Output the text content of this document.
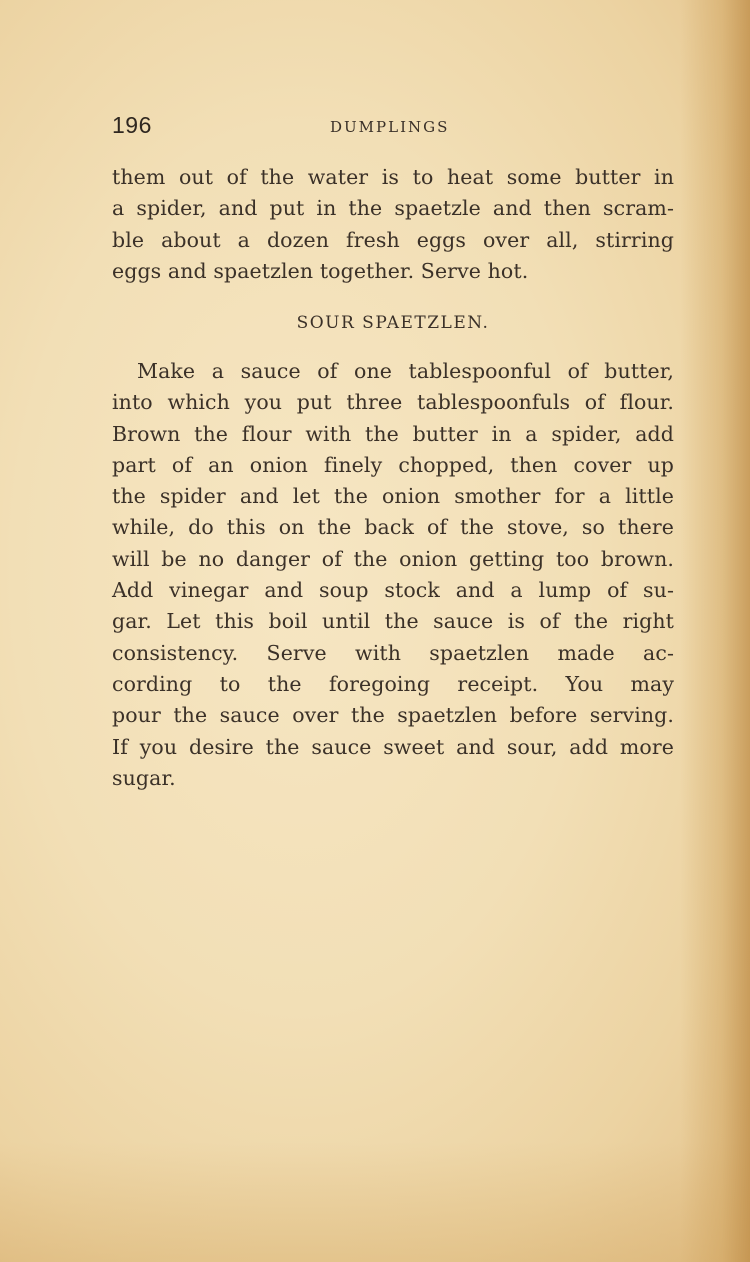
196	DUMPLINGS
them out of the water is to heat some butter in
a spider, and put in the spaetzle and then scram-
ble about a dozen fresh eggs over all, stirring
eggs and spaetzlen together. Serve hot.
SOUR SPAETZLEN.
Make a sauce of one tablespoonful of butter,
into which you put three tablespoonfuls of flour.
Brown the flour with the butter in a spider, add
part of an onion finely chopped, then cover up
the spider and let the onion smother for a little
while, do this on the back of the stove, so there
will be no danger of the onion getting too brown.
Add vinegar and soup stock and a lump of su-
gar. Let this boil until the sauce is of the right
consistency. Serve with spaetzlen made ac-
cording to the foregoing receipt. You may
pour the sauce over the spaetzlen before serving.
If you desire the sauce sweet and sour, add more
sugar.
